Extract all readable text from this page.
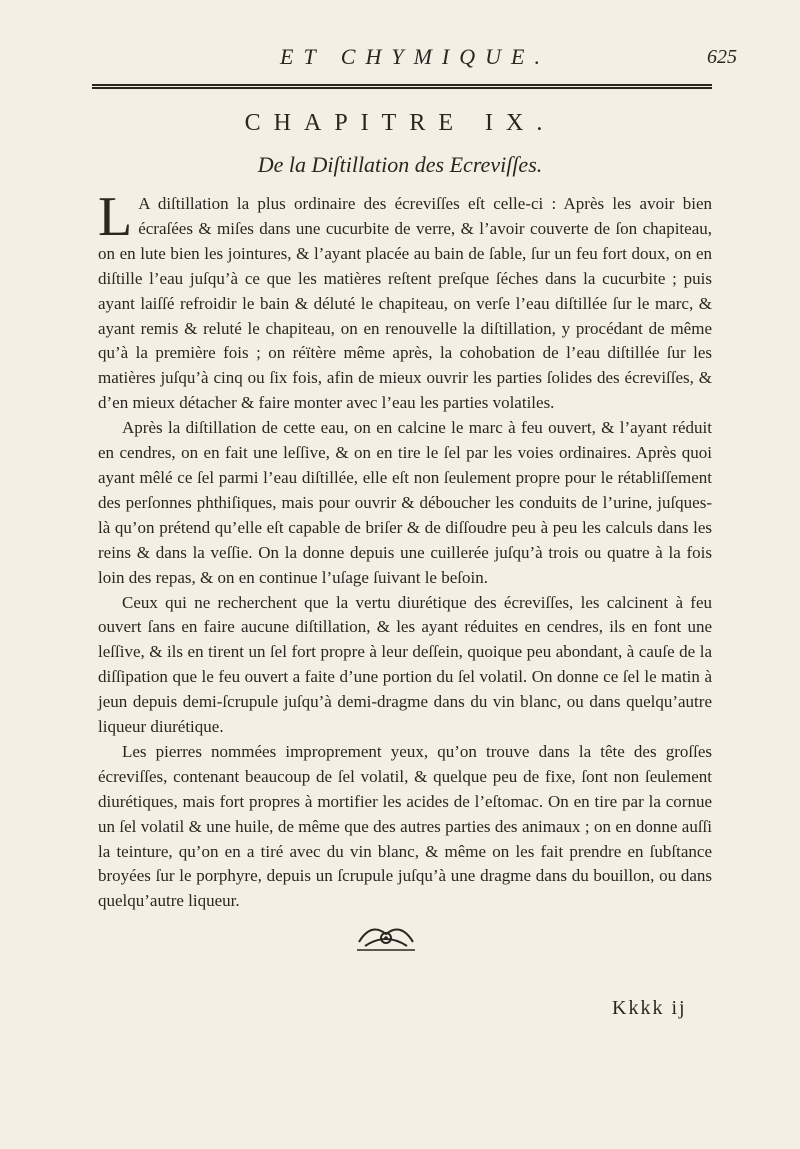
ET CHYMIQUE.	625
CHAPITRE IX.
De la Diſtillation des Ecreviſſes.

L A diſtillation la plus ordinaire des écreviſſes eſt celle-ci : Après les avoir bien écraſées & miſes dans une cucurbite de verre, & l’avoir couverte de ſon chapiteau, on en lute bien les jointures, & l’ayant placée au bain de ſable, ſur un feu fort doux, on en diſtille l’eau juſqu’à ce que les matières reſtent preſque ſéches dans la cucurbite ; puis ayant laiſſé refroidir le bain & déluté le chapiteau, on verſe l’eau diſtillée ſur le marc, & ayant remis & reluté le chapiteau, on en renouvelle la diſtillation, y procédant de même qu’à la première fois ; on réïtère même après, la cohobation de l’eau diſtillée ſur les matières juſqu’à cinq ou ſix fois, afin de mieux ouvrir les parties ſolides des écreviſſes, & d’en mieux détacher & faire monter avec l’eau les parties volatiles.

Après la diſtillation de cette eau, on en calcine le marc à feu ouvert, & l’ayant réduit en cendres, on en fait une leſſive, & on en tire le ſel par les voies ordinaires. Après quoi ayant mêlé ce ſel parmi l’eau diſtillée, elle eſt non ſeulement propre pour le rétabliſſement des perſonnes phthiſiques, mais pour ouvrir & déboucher les conduits de l’urine, juſques-là qu’on prétend qu’elle eſt capable de briſer & de diſſoudre peu à peu les calculs dans les reins & dans la veſſie. On la donne depuis une cuillerée juſqu’à trois ou quatre à la fois loin des repas, & on en continue l’uſage ſuivant le beſoin.

Ceux qui ne recherchent que la vertu diurétique des écreviſſes, les calcinent à feu ouvert ſans en faire aucune diſtillation, & les ayant réduites en cendres, ils en font une leſſive, & ils en tirent un ſel fort propre à leur deſſein, quoique peu abondant, à cauſe de la diſſipation que le feu ouvert a faite d’une portion du ſel volatil. On donne ce ſel le matin à jeun depuis demi-ſcrupule juſqu’à demi-dragme dans du vin blanc, ou dans quelqu’autre liqueur diurétique.

Les pierres nommées improprement yeux, qu’on trouve dans la tête des groſſes écreviſſes, contenant beaucoup de ſel volatil, & quelque peu de fixe, ſont non ſeulement diurétiques, mais fort propres à mortifier les acides de l’eſtomac. On en tire par la cornue un ſel volatil & une huile, de même que des autres parties des animaux ; on en donne auſſi la teinture, qu’on en a tiré avec du vin blanc, & même on les fait prendre en ſubſtance broyées ſur le porphyre, depuis un ſcrupule juſqu’à une dragme dans du bouillon, ou dans quelqu’autre liqueur.

Kkkk ij
